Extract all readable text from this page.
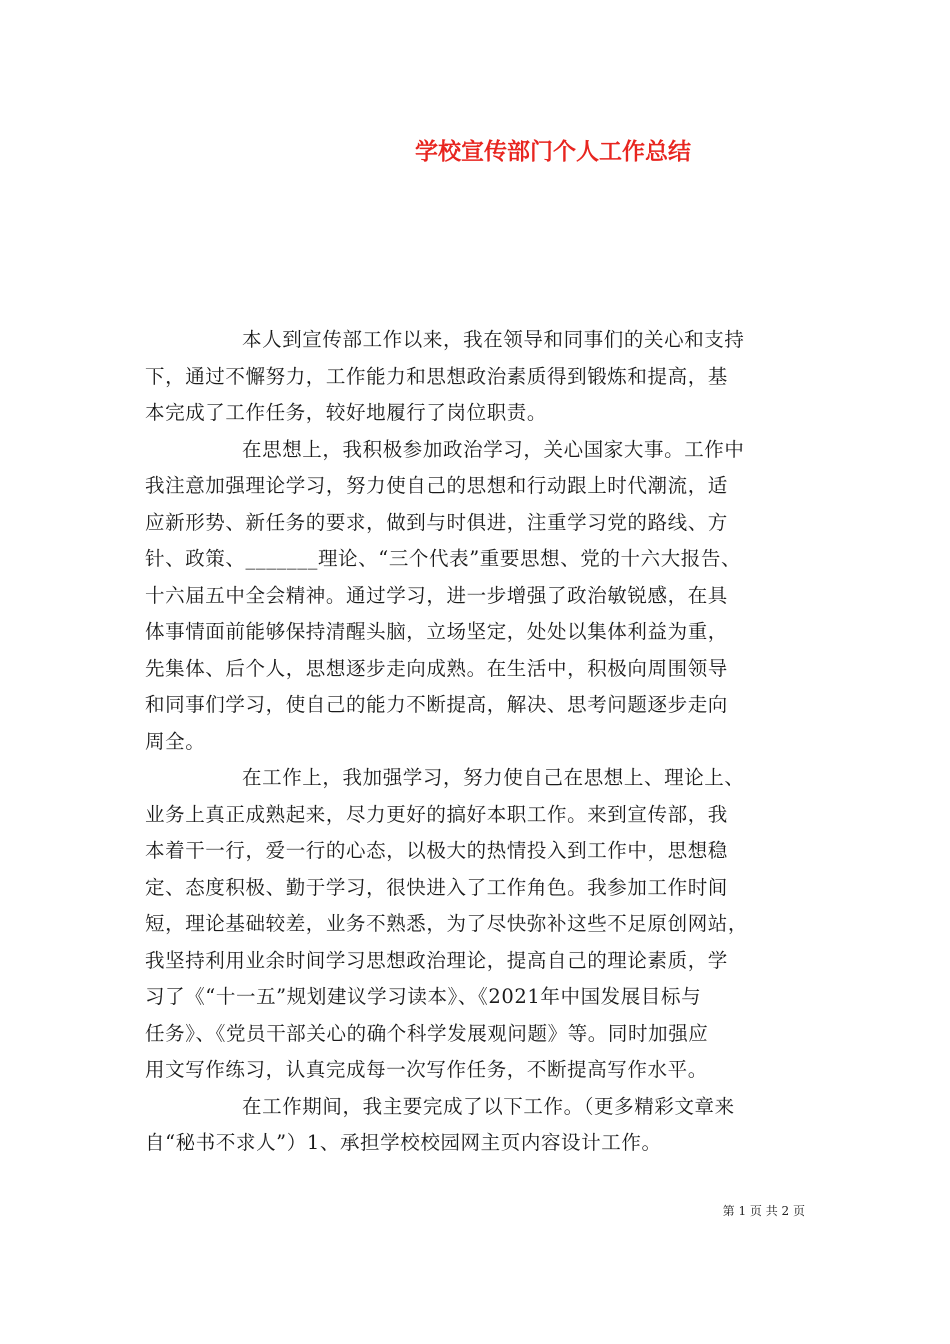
学校宣传部门个人工作总结
本人到宣传部工作以来，我在领导和同事们的关心和支持
下，通过不懈努力，工作能力和思想政治素质得到锻炼和提高，基
本完成了工作任务，较好地履行了岗位职责。
在思想上，我积极参加政治学习，关心国家大事。工作中
我注意加强理论学习，努力使自己的思想和行动跟上时代潮流，适
应新形势、新任务的要求，做到与时俱进，注重学习党的路线、方
针、政策、_______理论、“三个代表”重要思想、党的十六大报告、
十六届五中全会精神。通过学习，进一步增强了政治敏锐感，在具
体事情面前能够保持清醒头脑，立场坚定，处处以集体利益为重，
先集体、后个人，思想逐步走向成熟。在生活中，积极向周围领导
和同事们学习，使自己的能力不断提高，解决、思考问题逐步走向
周全。
在工作上，我加强学习，努力使自己在思想上、理论上、
业务上真正成熟起来，尽力更好的搞好本职工作。来到宣传部，我
本着干一行，爱一行的心态，以极大的热情投入到工作中，思想稳
定、态度积极、勤于学习，很快进入了工作角色。我参加工作时间
短，理论基础较差，业务不熟悉，为了尽快弥补这些不足原创网站，
我坚持利用业余时间学习思想政治理论，提高自己的理论素质，学
习了《“十一五”规划建议学习读本》、《2021年中国发展目标与
任务》、《党员干部关心的确个科学发展观问题》等。同时加强应
用文写作练习，认真完成每一次写作任务，不断提高写作水平。
在工作期间，我主要完成了以下工作。（更多精彩文章来
自“秘书不求人”）1、承担学校校园网主页内容设计工作。
第 1 页 共 2 页
